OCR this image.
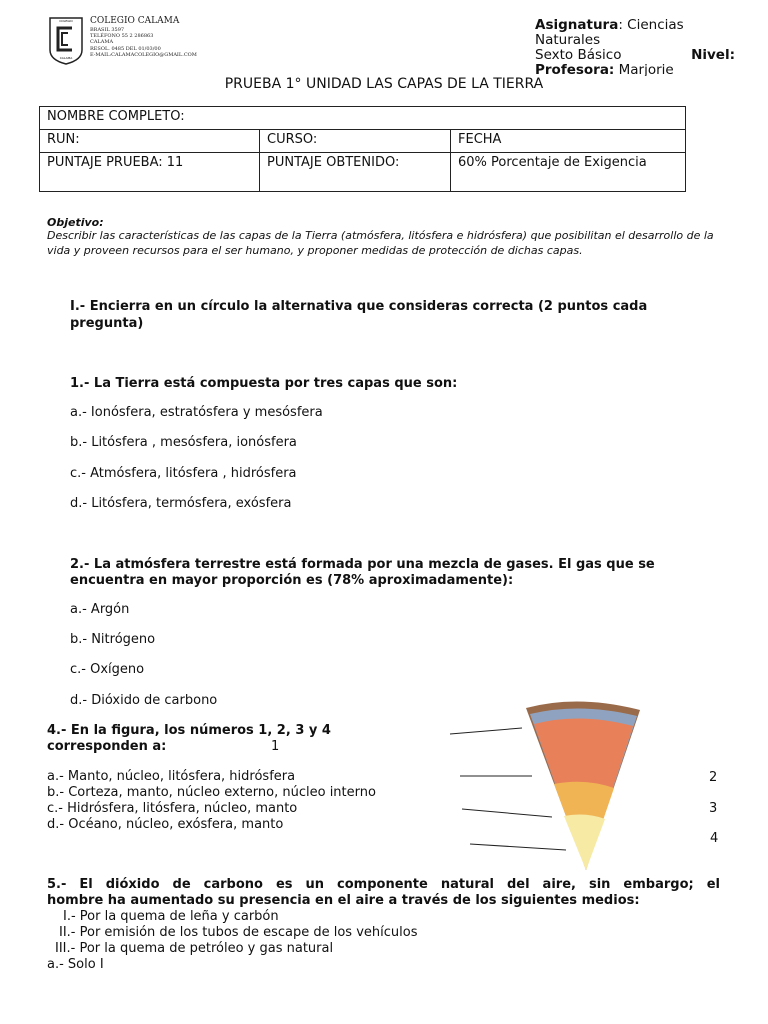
COLEGIO
CALAMA
COLEGIO CALAMA
BRASIL 3597
TELÉFONO 55 2 286863
CALAMA
RESOL. 0485 DEL 01/03/00
E-MAIL:CALAMACOLEGIO@GMAIL.COM
Asignatura: Ciencias Naturales
Nivel:
Sexto Básico
Profesora: Marjorie
PRUEBA 1° UNIDAD LAS CAPAS DE LA TIERRA
NOMBRE COMPLETO:		
RUN:	CURSO:	FECHA
PUNTAJE PRUEBA: 11	PUNTAJE OBTENIDO:	60% Porcentaje de Exigencia
Objetivo:
Describir las características de las capas de la Tierra (atmósfera, litósfera e hidrósfera) que posibilitan el desarrollo de la vida y proveen recursos para el ser humano, y proponer medidas de protección de dichas capas.
I.- Encierra en un círculo la alternativa que consideras correcta (2 puntos cada pregunta)
1.- La Tierra está compuesta por tres capas que son:
a.- Ionósfera, estratósfera y mesósfera
b.- Litósfera , mesósfera, ionósfera
c.- Atmósfera, litósfera , hidrósfera
d.- Litósfera, termósfera, exósfera
2.- La atmósfera terrestre está formada por una mezcla de gases. El gas que se encuentra en mayor proporción es (78% aproximadamente):
a.- Argón
b.- Nitrógeno
c.- Oxígeno
d.- Dióxido de carbono
4.- En la figura, los números 1, 2, 3 y 4 corresponden a:	1
a.- Manto, núcleo, litósfera, hidrósfera
b.- Corteza, manto, núcleo externo, núcleo interno
c.- Hidrósfera, litósfera, núcleo, manto
d.- Océano, núcleo, exósfera, manto
2
3
4
5.- El dióxido de carbono es un componente natural del aire, sin embargo; el
hombre ha aumentado su presencia en el aire a través de los siguientes medios:
I.- Por la quema de leña y carbón
II.- Por emisión de los tubos de escape de los vehículos
III.- Por la quema de petróleo y gas natural
a.- Solo I
